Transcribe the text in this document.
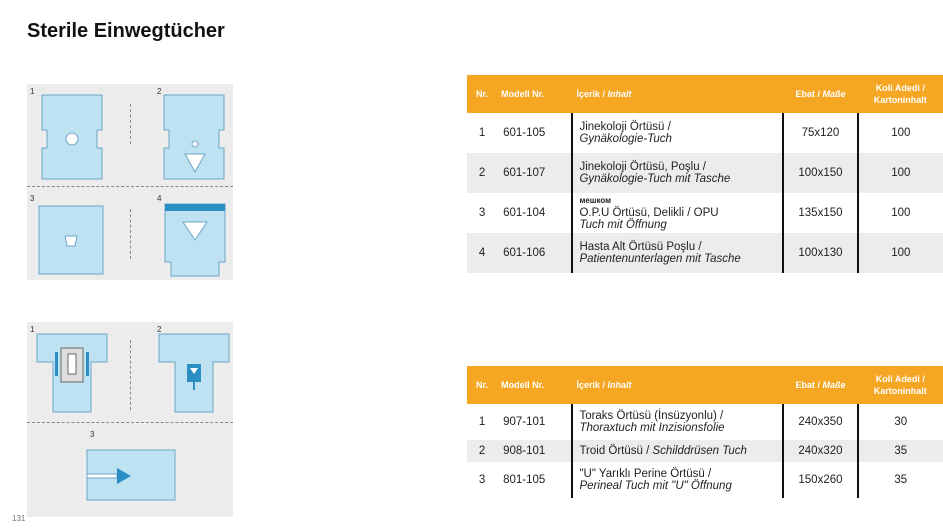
Sterile Einwegtücher
1	2
3	4
1	2
3
Nr.	Modell Nr.	İçerik / Inhalt	Ebat / Maße	Koli Adedi /
Kartoninhalt
1	601-105	Jinekoloji Örtüsü /
Gynäkologie-Tuch	75x120	100
2	601-107	Jinekoloji Örtüsü, Poşlu /
Gynäkologie-Tuch mit Tasche	100x150	100
3	601-104	мешком
O.P.U Örtüsü, Delikli / OPU
Tuch mit Öffnung	135x150	100
4	601-106	Hasta Alt Örtüsü Poşlu /
Patientenunterlagen mit Tasche	100x130	100
Nr.	Modell Nr.	İçerik / Inhalt	Ebat / Maße	Koli Adedi /
Kartoninhalt
1	907-101	Toraks Örtüsü (İnsüzyonlu) /
Thoraxtuch mit Inzisionsfolie	240x350	30
2	908-101	Troid Örtüsü / Schilddrüsen Tuch	240x320	35
3	801-105	"U" Yarıklı Perine Örtüsü /
Perineal Tuch mit "U" Öffnung	150x260	35
131
